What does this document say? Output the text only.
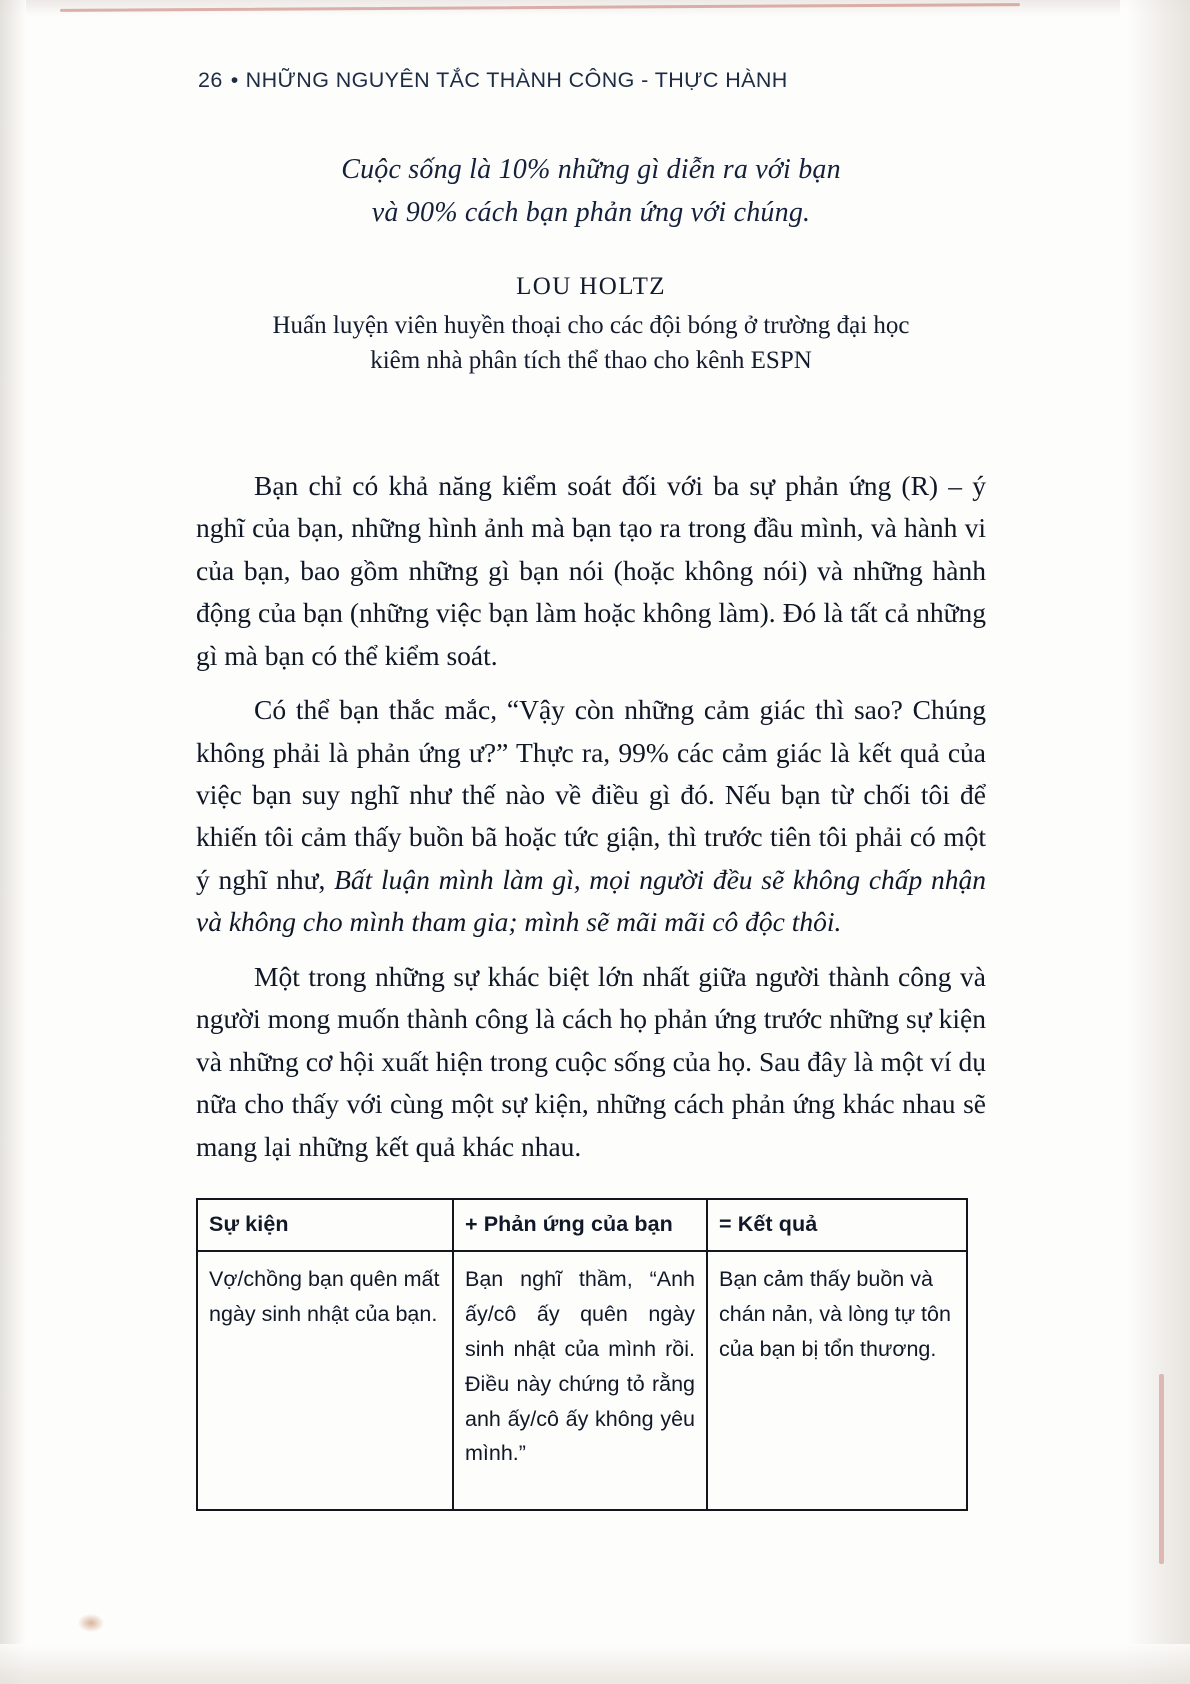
26 • NHỮNG NGUYÊN TẮC THÀNH CÔNG - THỰC HÀNH
Cuộc sống là 10% những gì diễn ra với bạn
và 90% cách bạn phản ứng với chúng.
LOU HOLTZ
Huấn luyện viên huyền thoại cho các đội bóng ở trường đại học
kiêm nhà phân tích thể thao cho kênh ESPN

Bạn chỉ có khả năng kiểm soát đối với ba sự phản ứng (R) – ý nghĩ của bạn, những hình ảnh mà bạn tạo ra trong đầu mình, và hành vi của bạn, bao gồm những gì bạn nói (hoặc không nói) và những hành động của bạn (những việc bạn làm hoặc không làm). Đó là tất cả những gì mà bạn có thể kiểm soát.

Có thể bạn thắc mắc, “Vậy còn những cảm giác thì sao? Chúng không phải là phản ứng ư?” Thực ra, 99% các cảm giác là kết quả của việc bạn suy nghĩ như thế nào về điều gì đó. Nếu bạn từ chối tôi để khiến tôi cảm thấy buồn bã hoặc tức giận, thì trước tiên tôi phải có một ý nghĩ như, Bất luận mình làm gì, mọi người đều sẽ không chấp nhận và không cho mình tham gia; mình sẽ mãi mãi cô độc thôi.

Một trong những sự khác biệt lớn nhất giữa người thành công và người mong muốn thành công là cách họ phản ứng trước những sự kiện và những cơ hội xuất hiện trong cuộc sống của họ. Sau đây là một ví dụ nữa cho thấy với cùng một sự kiện, những cách phản ứng khác nhau sẽ mang lại những kết quả khác nhau.

Sự kiện	+ Phản ứng của bạn	= Kết quả
Vợ/chồng bạn quên mất ngày sinh nhật của bạn.	Bạn nghĩ thầm, “Anh ấy/cô ấy quên ngày sinh nhật của mình rồi. Điều này chứng tỏ rằng anh ấy/cô ấy không yêu mình.”	Bạn cảm thấy buồn và chán nản, và lòng tự tôn của bạn bị tổn thương.
